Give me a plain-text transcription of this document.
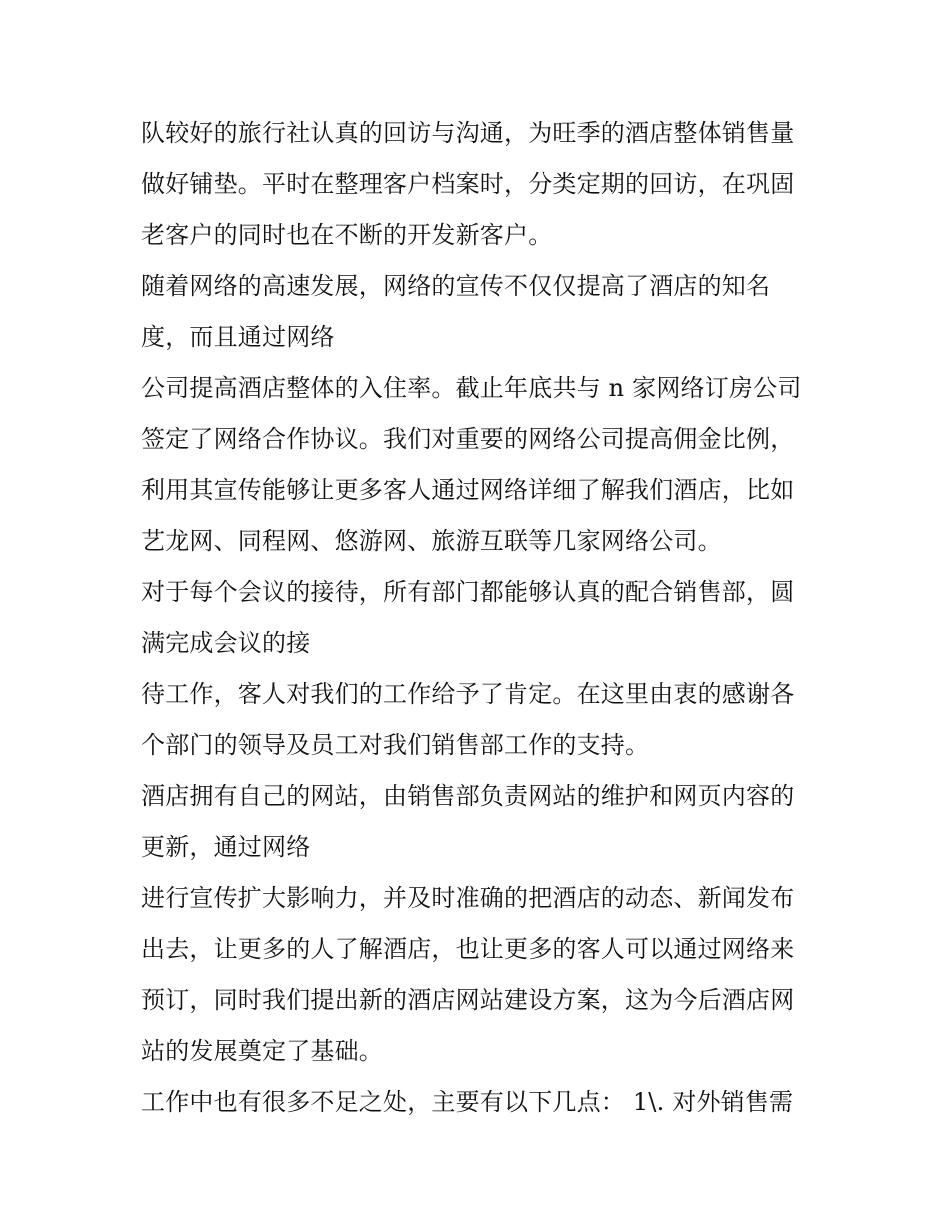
队较好的旅行社认真的回访与沟通，为旺季的酒店整体销售量
做好铺垫。平时在整理客户档案时，分类定期的回访，在巩固
老客户的同时也在不断的开发新客户。
随着网络的高速发展，网络的宣传不仅仅提高了酒店的知名
度，而且通过网络
公司提高酒店整体的入住率。截止年底共与 n 家网络订房公司
签定了网络合作协议。我们对重要的网络公司提高佣金比例，
利用其宣传能够让更多客人通过网络详细了解我们酒店，比如
艺龙网、同程网、悠游网、旅游互联等几家网络公司。
对于每个会议的接待，所有部门都能够认真的配合销售部，圆
满完成会议的接
待工作，客人对我们的工作给予了肯定。在这里由衷的感谢各
个部门的领导及员工对我们销售部工作的支持。
酒店拥有自己的网站，由销售部负责网站的维护和网页内容的
更新，通过网络
进行宣传扩大影响力，并及时准确的把酒店的动态、新闻发布
出去，让更多的人了解酒店，也让更多的客人可以通过网络来
预订，同时我们提出新的酒店网站建设方案，这为今后酒店网
站的发展奠定了基础。
工作中也有很多不足之处，主要有以下几点： 1\. 对外销售需
